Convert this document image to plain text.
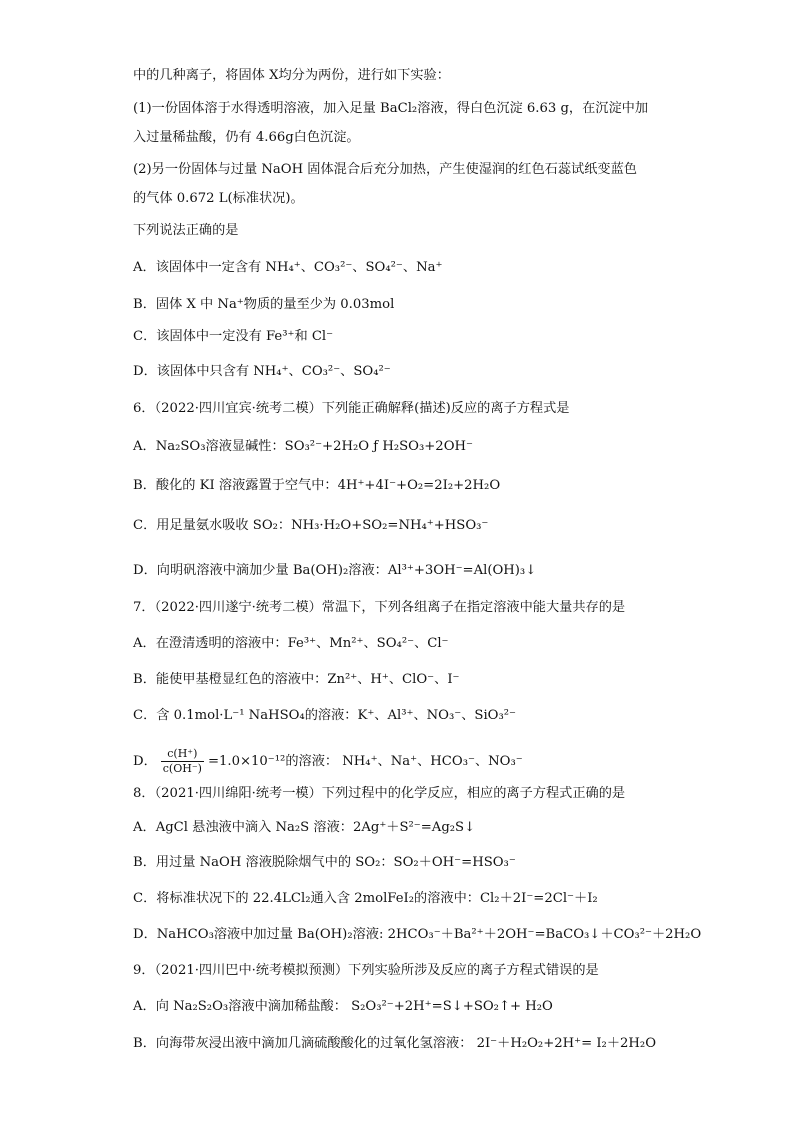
中的几种离子，将固体 X均分为两份，进行如下实验：
(1)一份固体溶于水得透明溶液，加入足量 BaCl₂溶液，得白色沉淀 6.63 g，在沉淀中加
入过量稀盐酸，仍有 4.66g白色沉淀。
(2)另一份固体与过量 NaOH 固体混合后充分加热，产生使湿润的红色石蕊试纸变蓝色
的气体 0.672 L(标准状况)。
下列说法正确的是
A．该固体中一定含有 NH₄⁺、CO₃²⁻、SO₄²⁻、Na⁺
B．固体 X 中 Na⁺物质的量至少为 0.03mol
C．该固体中一定没有 Fe³⁺和 Cl⁻
D．该固体中只含有 NH₄⁺、CO₃²⁻、SO₄²⁻
6．（2022·四川宜宾·统考二模）下列能正确解释(描述)反应的离子方程式是
A．Na₂SO₃溶液显碱性：SO₃²⁻+2H₂O ƒ H₂SO₃+2OH⁻
B．酸化的 KI 溶液露置于空气中：4H⁺+4I⁻+O₂=2I₂+2H₂O
C．用足量氨水吸收 SO₂：NH₃·H₂O+SO₂=NH₄⁺+HSO₃⁻
D．向明矾溶液中滴加少量 Ba(OH)₂溶液：Al³⁺+3OH⁻=Al(OH)₃↓
7．（2022·四川遂宁·统考二模）常温下，下列各组离子在指定溶液中能大量共存的是
A．在澄清透明的溶液中：Fe³⁺、Mn²⁺、SO₄²⁻、Cl⁻
B．能使甲基橙显红色的溶液中：Zn²⁺、H⁺、ClO⁻、I⁻
C．含 0.1mol·L⁻¹ NaHSO₄的溶液：K⁺、Al³⁺、NO₃⁻、SiO₃²⁻
D． $\frac{c(H^+)}{c(OH^-)} =1.0\times 10^{-12}$的溶液： NH₄⁺、Na⁺、HCO₃⁻、NO₃⁻
8．（2021·四川绵阳·统考一模）下列过程中的化学反应，相应的离子方程式正确的是
A．AgCl 悬浊液中滴入 Na₂S 溶液：2Ag⁺＋S²⁻=Ag₂S↓
B．用过量 NaOH 溶液脱除烟气中的 SO₂：SO₂＋OH⁻=HSO₃⁻
C．将标准状况下的 22.4LCl₂通入含 2molFeI₂的溶液中：Cl₂＋2I⁻=2Cl⁻＋I₂
D．NaHCO₃溶液中加过量 Ba(OH)₂溶液: 2HCO₃⁻＋Ba²⁺＋2OH⁻=BaCO₃↓＋CO₃²⁻＋2H₂O
9．（2021·四川巴中·统考模拟预测）下列实验所涉及反应的离子方程式错误的是
A．向 Na₂S₂O₃溶液中滴加稀盐酸： S₂O₃²⁻+2H⁺=S↓+SO₂↑+ H₂O
B．向海带灰浸出液中滴加几滴硫酸酸化的过氧化氢溶液： 2I⁻＋H₂O₂+2H⁺= I₂＋2H₂O
